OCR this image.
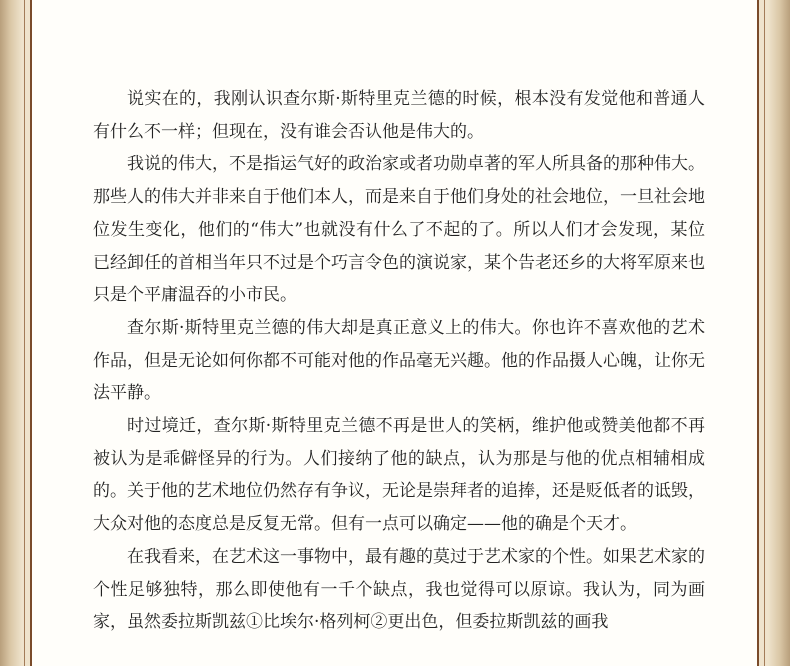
说实在的，我刚认识查尔斯·斯特里克兰德的时候，根本没有发觉他和普通人有什么不一样；但现在，没有谁会否认他是伟大的。

我说的伟大，不是指运气好的政治家或者功勋卓著的军人所具备的那种伟大。那些人的伟大并非来自于他们本人，而是来自于他们身处的社会地位，一旦社会地位发生变化，他们的“伟大”也就没有什么了不起的了。所以人们才会发现，某位已经卸任的首相当年只不过是个巧言令色的演说家，某个告老还乡的大将军原来也只是个平庸温吞的小市民。

查尔斯·斯特里克兰德的伟大却是真正意义上的伟大。你也许不喜欢他的艺术作品，但是无论如何你都不可能对他的作品毫无兴趣。他的作品摄人心魄，让你无法平静。

时过境迁，查尔斯·斯特里克兰德不再是世人的笑柄，维护他或赞美他都不再被认为是乖僻怪异的行为。人们接纳了他的缺点，认为那是与他的优点相辅相成的。关于他的艺术地位仍然存有争议，无论是崇拜者的追捧，还是贬低者的诋毁，大众对他的态度总是反复无常。但有一点可以确定——他的确是个天才。

在我看来，在艺术这一事物中，最有趣的莫过于艺术家的个性。如果艺术家的个性足够独特，那么即使他有一千个缺点，我也觉得可以原谅。我认为，同为画家，虽然委拉斯凯兹①比埃尔·格列柯②更出色，但委拉斯凯兹的画我
